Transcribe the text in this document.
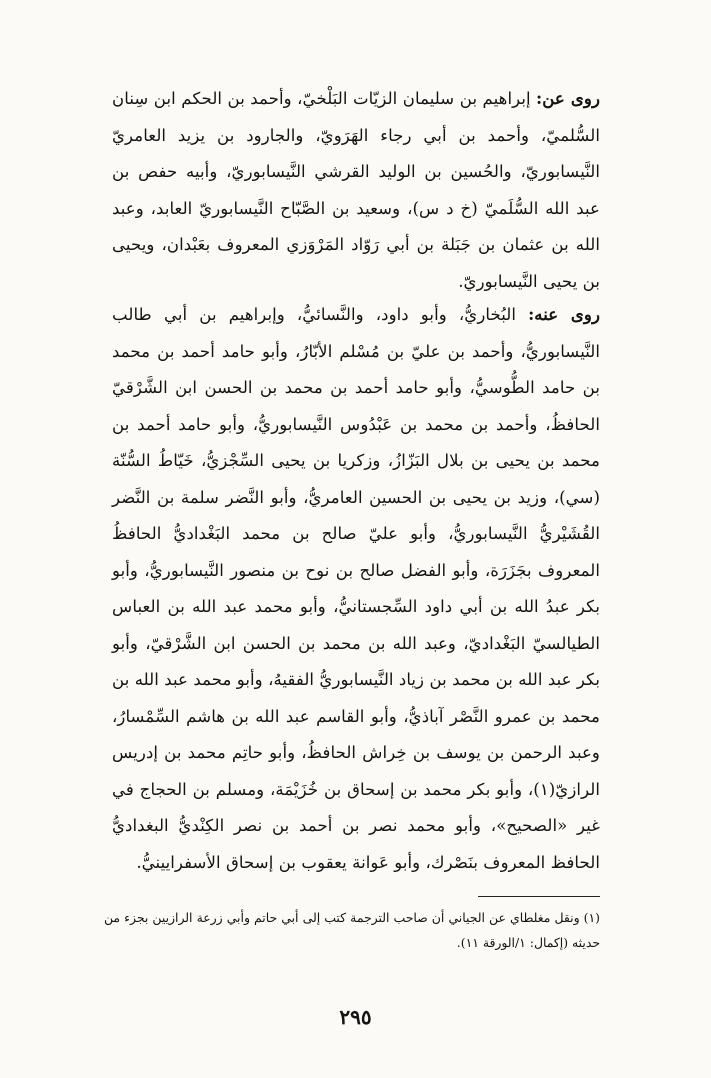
روى عن: إبراهيم بن سليمان الزيّات البَلْخيّ، وأحمد بن الحكم ابن سِنان السُّلميّ، وأحمد بن أبي رجاء الهَرَويّ، والجارود بن يزيد العامريّ النَّيسابوريّ، والحُسين بن الوليد القرشي النَّيسابوريّ، وأبيه حفص بن عبد الله السُّلَميّ (خ د س)، وسعيد بن الصَّبّاح النَّيسابوريّ العابد، وعبد الله بن عثمان بن جَبَلة بن أبي رَوّاد المَرْوَزي المعروف بعَبْدان، ويحيى بن يحيى النَّيسابوريّ.
روى عنه: البُخاريُّ، وأبو داود، والنَّسائيُّ، وإبراهيم بن أبي طالب النَّيسابوريُّ، وأحمد بن عليّ بن مُسْلم الأبّارُ، وأبو حامد أحمد بن محمد بن حامد الطُّوسيُّ، وأبو حامد أحمد بن محمد بن الحسن ابن الشَّرْقيّ الحافظُ، وأحمد بن محمد بن عَبْدُوس النَّيسابوريُّ، وأبو حامد أحمد بن محمد بن يحيى بن بلال البَزّازُ، وزكريا بن يحيى السِّجْزيُّ، خَيّاطُ السُّنّة (سي)، وزيد بن يحيى بن الحسين العامريُّ، وأبو النَّضر سلمة بن النَّضر القُشَيْريُّ النَّيسابوريُّ، وأبو عليّ صالح بن محمد البَغْداديُّ الحافظُ المعروف بجَزَرَة، وأبو الفضل صالح بن نوح بن منصور النَّيسابوريُّ، وأبو بكر عبدُ الله بن أبي داود السِّجستانيُّ، وأبو محمد عبد الله بن العباس الطيالسيّ البَغْداديّ، وعبد الله بن محمد بن الحسن ابن الشَّرْقيّ، وأبو بكر عبد الله بن محمد بن زياد النَّيسابوريُّ الفقيهُ، وأبو محمد عبد الله بن محمد بن عمرو النَّصْر آباذيُّ، وأبو القاسم عبد الله بن هاشم السِّمْسارُ، وعبد الرحمن بن يوسف بن خِراش الحافظُ، وأبو حاتِم محمد بن إدريس الرازيّ(١)، وأبو بكر محمد بن إسحاق بن خُزَيْمَة، ومسلم بن الحجاج في غير «الصحيح»، وأبو محمد نصر بن أحمد بن نصر الكِنْديُّ البغداديُّ الحافظ المعروف بنَصْرك، وأبو عَوانة يعقوب بن إسحاق الأسفرايينيُّ.
(١) ونقل مغلطاي عن الجياني أن صاحب الترجمة كتب إلى أبي حاتم وأبي زرعة الرازيين بجزء من حديثه (إكمال: ١/الورقة ١١).
٢٩٥
